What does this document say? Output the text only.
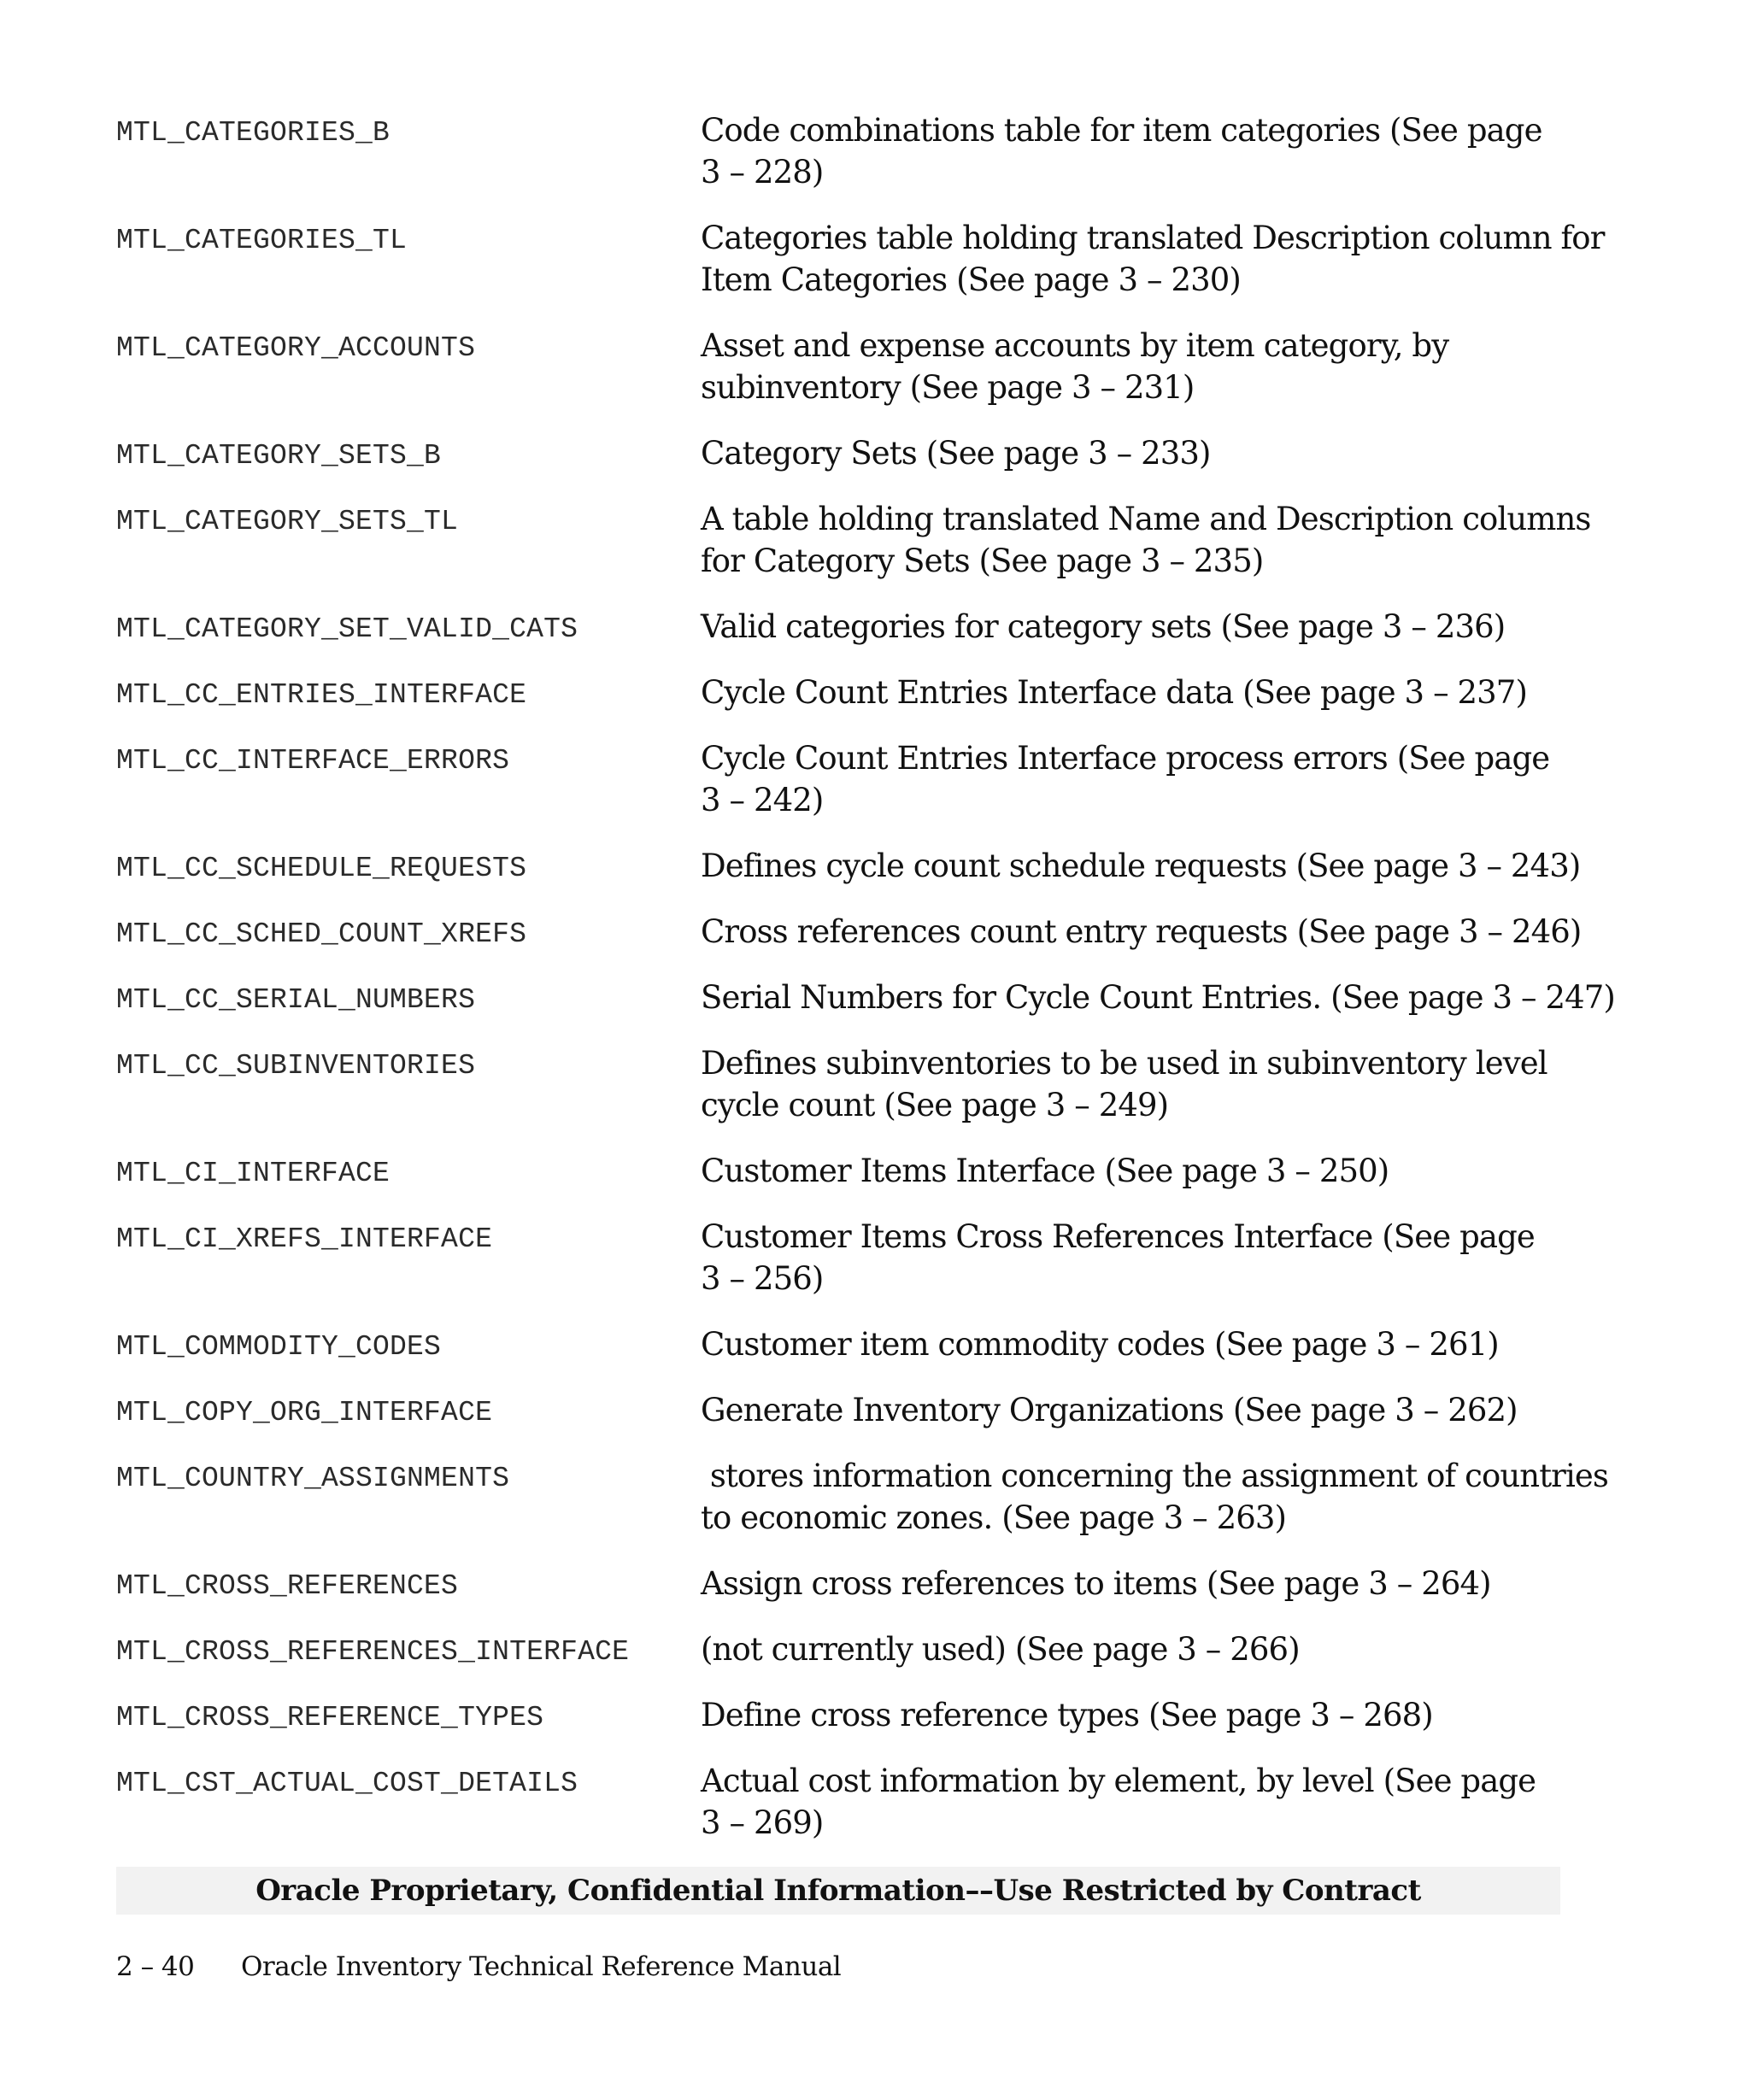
MTL_CATEGORIES_B	Code combinations table for item categories (See page
3 – 228)
MTL_CATEGORIES_TL	Categories table holding translated Description column for
Item Categories (See page 3 – 230)
MTL_CATEGORY_ACCOUNTS	Asset and expense accounts by item category, by
subinventory (See page 3 – 231)
MTL_CATEGORY_SETS_B	Category Sets (See page 3 – 233)
MTL_CATEGORY_SETS_TL	A table holding translated Name and Description columns
for Category Sets (See page 3 – 235)
MTL_CATEGORY_SET_VALID_CATS	Valid categories for category sets (See page 3 – 236)
MTL_CC_ENTRIES_INTERFACE	Cycle Count Entries Interface data (See page 3 – 237)
MTL_CC_INTERFACE_ERRORS	Cycle Count Entries Interface process errors (See page
3 – 242)
MTL_CC_SCHEDULE_REQUESTS	Defines cycle count schedule requests (See page 3 – 243)
MTL_CC_SCHED_COUNT_XREFS	Cross references count entry requests (See page 3 – 246)
MTL_CC_SERIAL_NUMBERS	Serial Numbers for Cycle Count Entries. (See page 3 – 247)
MTL_CC_SUBINVENTORIES	Defines subinventories to be used in subinventory level
cycle count (See page 3 – 249)
MTL_CI_INTERFACE	Customer Items Interface (See page 3 – 250)
MTL_CI_XREFS_INTERFACE	Customer Items Cross References Interface (See page
3 – 256)
MTL_COMMODITY_CODES	Customer item commodity codes (See page 3 – 261)
MTL_COPY_ORG_INTERFACE	Generate Inventory Organizations (See page 3 – 262)
MTL_COUNTRY_ASSIGNMENTS	stores information concerning the assignment of countries
to economic zones. (See page 3 – 263)
MTL_CROSS_REFERENCES	Assign cross references to items (See page 3 – 264)
MTL_CROSS_REFERENCES_INTERFACE (not currently used) (See page 3 – 266)
MTL_CROSS_REFERENCE_TYPES	Define cross reference types (See page 3 – 268)
MTL_CST_ACTUAL_COST_DETAILS	Actual cost information by element, by level (See page
3 – 269)
Oracle Proprietary, Confidential Information––Use Restricted by Contract
2 – 40 Oracle Inventory Technical Reference Manual
